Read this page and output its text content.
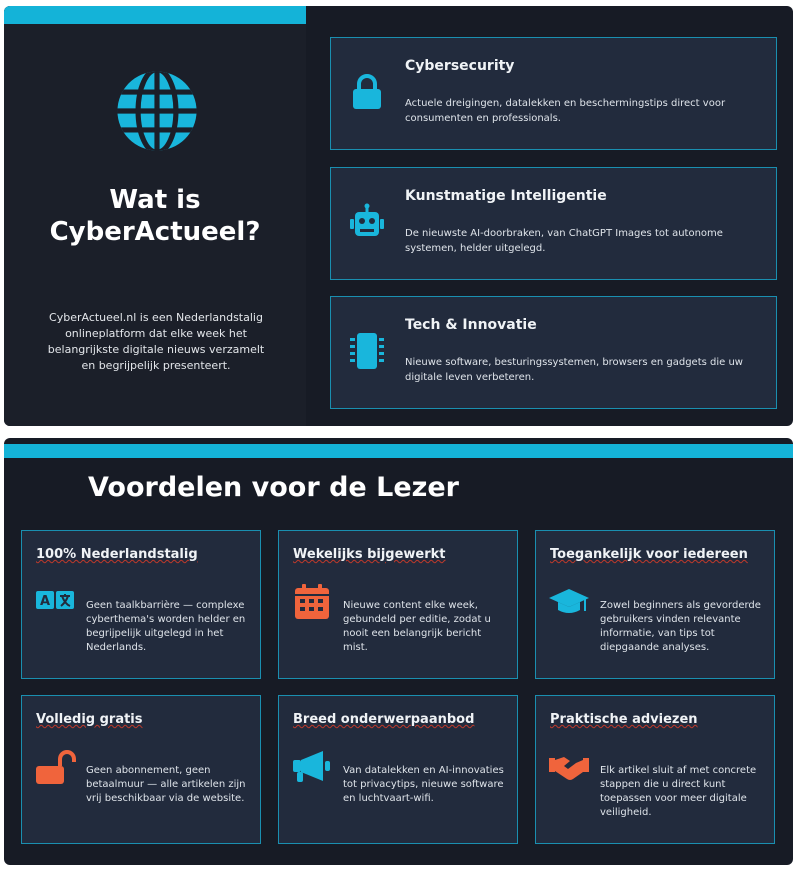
Wat is
CyberActueel?
CyberActueel.nl is een Nederlandstalig onlineplatform dat elke week het belangrijkste digitale nieuws verzamelt en begrijpelijk presenteert.
Cybersecurity
Actuele dreigingen, datalekken en beschermingstips direct voor consumenten en professionals.
Kunstmatige Intelligentie
De nieuwste AI-doorbraken, van ChatGPT Images tot autonome systemen, helder uitgelegd.
Tech & Innovatie
Nieuwe software, besturingssystemen, browsers en gadgets die uw digitale leven verbeteren.
Voordelen voor de Lezer
100% Nederlandstalig
A	Geen taalkbarrière — complexe cyberthema's worden helder en begrijpelijk uitgelegd in het Nederlands.
Wekelijks bijgewerkt
Nieuwe content elke week, gebundeld per editie, zodat u nooit een belangrijk bericht mist.
Toegankelijk voor iedereen
Zowel beginners als gevorderde gebruikers vinden relevante informatie, van tips tot diepgaande analyses.
Volledig gratis
Geen abonnement, geen betaalmuur — alle artikelen zijn vrij beschikbaar via de website.
Breed onderwerpaanbod
Van datalekken en AI-innovaties tot privacytips, nieuwe software en luchtvaart-wifi.
Praktische adviezen
Elk artikel sluit af met concrete stappen die u direct kunt toepassen voor meer digitale veiligheid.
